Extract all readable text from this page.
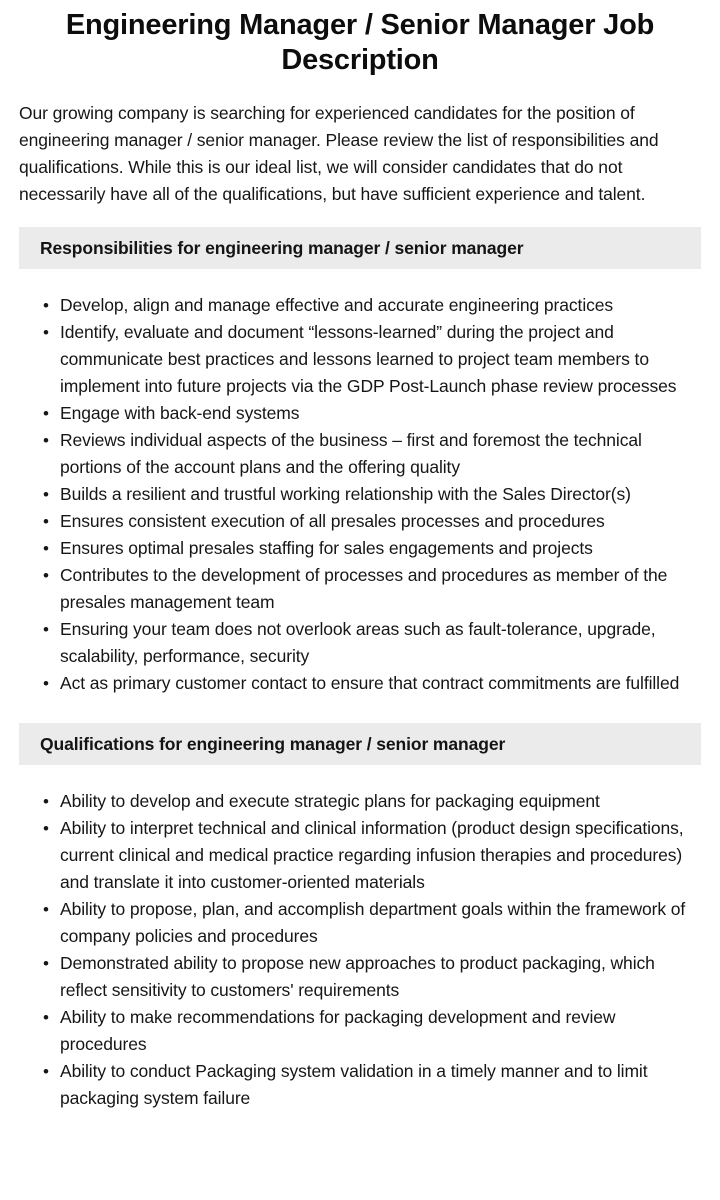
Engineering Manager / Senior Manager Job Description

Our growing company is searching for experienced candidates for the position of engineering manager / senior manager. Please review the list of responsibilities and qualifications. While this is our ideal list, we will consider candidates that do not necessarily have all of the qualifications, but have sufficient experience and talent.

Responsibilities for engineering manager / senior manager
• Develop, align and manage effective and accurate engineering practices
• Identify, evaluate and document “lessons-learned” during the project and communicate best practices and lessons learned to project team members to implement into future projects via the GDP Post-Launch phase review processes
• Engage with back-end systems
• Reviews individual aspects of the business – first and foremost the technical portions of the account plans and the offering quality
• Builds a resilient and trustful working relationship with the Sales Director(s)
• Ensures consistent execution of all presales processes and procedures
• Ensures optimal presales staffing for sales engagements and projects
• Contributes to the development of processes and procedures as member of the presales management team
• Ensuring your team does not overlook areas such as fault-tolerance, upgrade, scalability, performance, security
• Act as primary customer contact to ensure that contract commitments are fulfilled
Qualifications for engineering manager / senior manager
• Ability to develop and execute strategic plans for packaging equipment
• Ability to interpret technical and clinical information (product design specifications, current clinical and medical practice regarding infusion therapies and procedures) and translate it into customer-oriented materials
• Ability to propose, plan, and accomplish department goals within the framework of company policies and procedures
• Demonstrated ability to propose new approaches to product packaging, which reflect sensitivity to customers' requirements
• Ability to make recommendations for packaging development and review procedures
• Ability to conduct Packaging system validation in a timely manner and to limit packaging system failure
